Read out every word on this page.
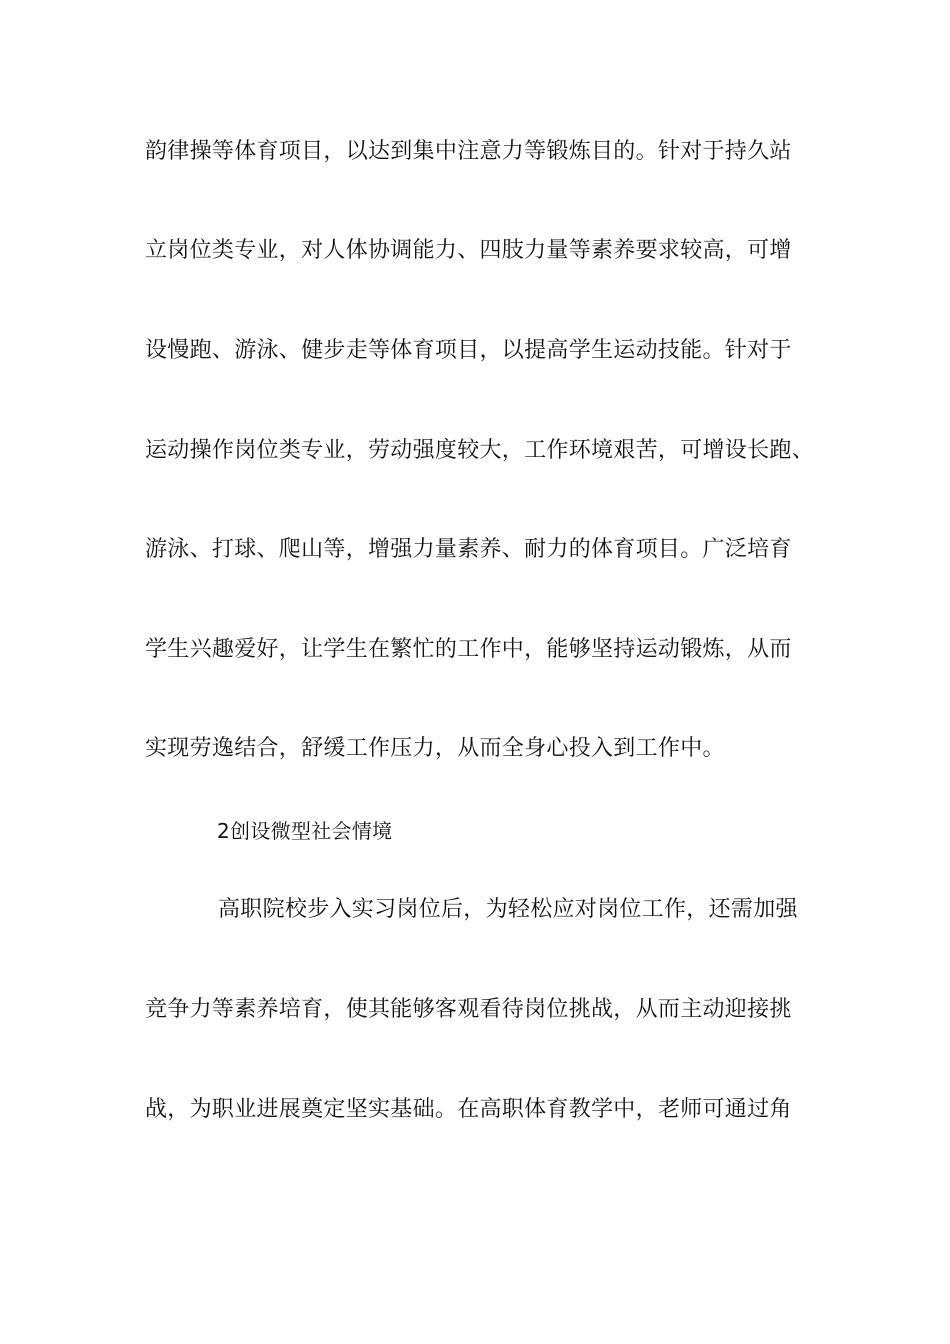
韵律操等体育项目，以达到集中注意力等锻炼目的。针对于持久站
立岗位类专业，对人体协调能力、四肢力量等素养要求较高，可增
设慢跑、游泳、健步走等体育项目，以提高学生运动技能。针对于
运动操作岗位类专业，劳动强度较大，工作环境艰苦，可增设长跑、
游泳、打球、爬山等，增强力量素养、耐力的体育项目。广泛培育
学生兴趣爱好，让学生在繁忙的工作中，能够坚持运动锻炼，从而
实现劳逸结合，舒缓工作压力，从而全身心投入到工作中。
2创设微型社会情境
高职院校步入实习岗位后，为轻松应对岗位工作，还需加强
竞争力等素养培育，使其能够客观看待岗位挑战，从而主动迎接挑
战，为职业进展奠定坚实基础。在高职体育教学中，老师可通过角
